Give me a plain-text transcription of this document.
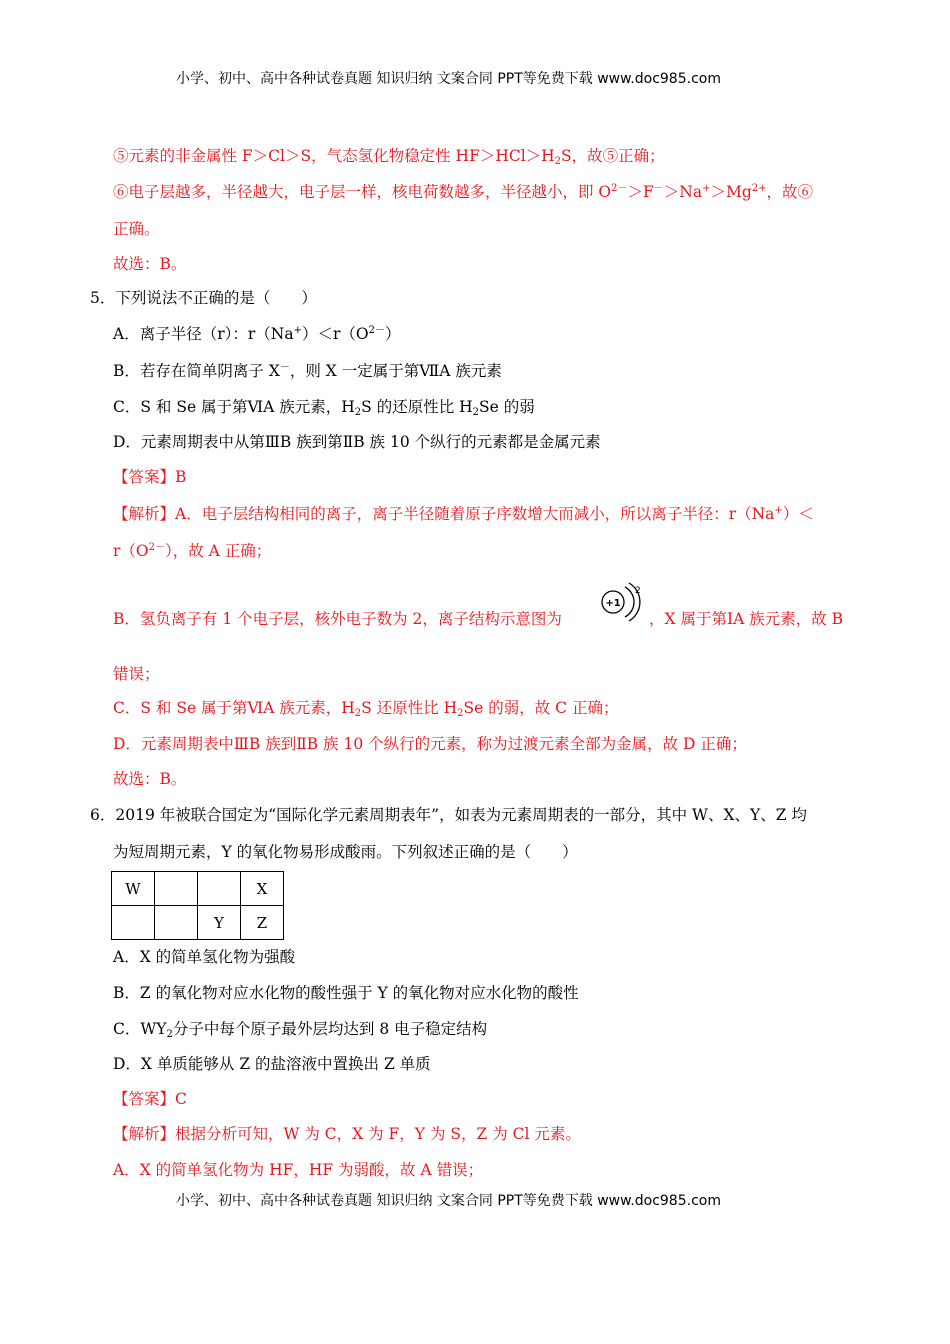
小学、初中、高中各种试卷真题 知识归纳 文案合同 PPT等免费下载 www.doc985.com
⑤元素的非金属性 F＞Cl＞S，气态氢化物稳定性 $HF>HCl>H_2S$，故⑤正确；
⑥电子层越多，半径越大，电子层一样，核电荷数越多，半径越小，即 $O^{2-}>F^->Na^+>Mg^{2+}$，故⑥
正确。
故选：B。
5．下列说法不正确的是（　　）
A．离子半径（r）：$r(Na^+)<r(O^{2-})$
B．若存在简单阴离子 X－，则 X 一定属于第ⅦA 族元素
C．S 和 Se 属于第ⅥA 族元素，$H_2S$ 的还原性比 $H_2Se$ 的弱
D．元素周期表中从第ⅢB 族到第ⅡB 族 10 个纵行的元素都是金属元素
【答案】B
【解析】A．电子层结构相同的离子，离子半径随着原子序数增大而减小，所以离子半径：r（Na+）＜
$r(O^{2-})$，故 A 正确；
B．氢负离子有 1 个电子层，核外电子数为 2，离子结构示意图为
+1
2
，X 属于第ⅠA 族元素，故 B
错误；
C．S 和 Se 属于第ⅥA 族元素，$H_2S$ 还原性比 $H_2Se$ 的弱，故 C 正确；
D．元素周期表中ⅢB 族到ⅡB 族 10 个纵行的元素，称为过渡元素全部为金属，故 D 正确；
故选：B。
6．2019 年被联合国定为“国际化学元素周期表年”，如表为元素周期表的一部分，其中 W、X、Y、Z 均
为短周期元素，Y 的氧化物易形成酸雨。下列叙述正确的是（　　）
W			X
		Y	Z
A．X 的简单氢化物为强酸
B．Z 的氧化物对应水化物的酸性强于 Y 的氧化物对应水化物的酸性
C．$WY_2$分子中每个原子最外层均达到 8 电子稳定结构
D．X 单质能够从 Z 的盐溶液中置换出 Z 单质
【答案】C
【解析】根据分析可知，W 为 C，X 为 F，Y 为 S，Z 为 Cl 元素。
A．X 的简单氢化物为 HF，HF 为弱酸，故 A 错误；
小学、初中、高中各种试卷真题 知识归纳 文案合同 PPT等免费下载 www.doc985.com
